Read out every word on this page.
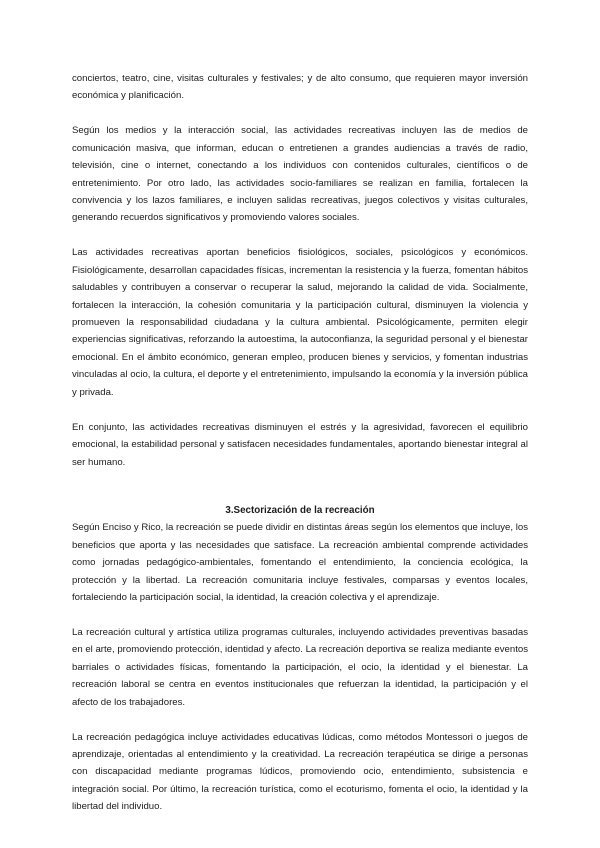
conciertos, teatro, cine, visitas culturales y festivales; y de alto consumo, que requieren mayor inversión económica y planificación.

Según los medios y la interacción social, las actividades recreativas incluyen las de medios de comunicación masiva, que informan, educan o entretienen a grandes audiencias a través de radio, televisión, cine o internet, conectando a los individuos con contenidos culturales, científicos o de entretenimiento. Por otro lado, las actividades socio-familiares se realizan en familia, fortalecen la convivencia y los lazos familiares, e incluyen salidas recreativas, juegos colectivos y visitas culturales, generando recuerdos significativos y promoviendo valores sociales.

Las actividades recreativas aportan beneficios fisiológicos, sociales, psicológicos y económicos. Fisiológicamente, desarrollan capacidades físicas, incrementan la resistencia y la fuerza, fomentan hábitos saludables y contribuyen a conservar o recuperar la salud, mejorando la calidad de vida. Socialmente, fortalecen la interacción, la cohesión comunitaria y la participación cultural, disminuyen la violencia y promueven la responsabilidad ciudadana y la cultura ambiental. Psicológicamente, permiten elegir experiencias significativas, reforzando la autoestima, la autoconfianza, la seguridad personal y el bienestar emocional. En el ámbito económico, generan empleo, producen bienes y servicios, y fomentan industrias vinculadas al ocio, la cultura, el deporte y el entretenimiento, impulsando la economía y la inversión pública y privada.

En conjunto, las actividades recreativas disminuyen el estrés y la agresividad, favorecen el equilibrio emocional, la estabilidad personal y satisfacen necesidades fundamentales, aportando bienestar integral al ser humano.

3.Sectorización de la recreación

Según Enciso y Rico, la recreación se puede dividir en distintas áreas según los elementos que incluye, los beneficios que aporta y las necesidades que satisface. La recreación ambiental comprende actividades como jornadas pedagógico-ambientales, fomentando el entendimiento, la conciencia ecológica, la protección y la libertad. La recreación comunitaria incluye festivales, comparsas y eventos locales, fortaleciendo la participación social, la identidad, la creación colectiva y el aprendizaje.

La recreación cultural y artística utiliza programas culturales, incluyendo actividades preventivas basadas en el arte, promoviendo protección, identidad y afecto. La recreación deportiva se realiza mediante eventos barriales o actividades físicas, fomentando la participación, el ocio, la identidad y el bienestar. La recreación laboral se centra en eventos institucionales que refuerzan la identidad, la participación y el afecto de los trabajadores.

La recreación pedagógica incluye actividades educativas lúdicas, como métodos Montessori o juegos de aprendizaje, orientadas al entendimiento y la creatividad. La recreación terapéutica se dirige a personas con discapacidad mediante programas lúdicos, promoviendo ocio, entendimiento, subsistencia e integración social. Por último, la recreación turística, como el ecoturismo, fomenta el ocio, la identidad y la libertad del individuo.
